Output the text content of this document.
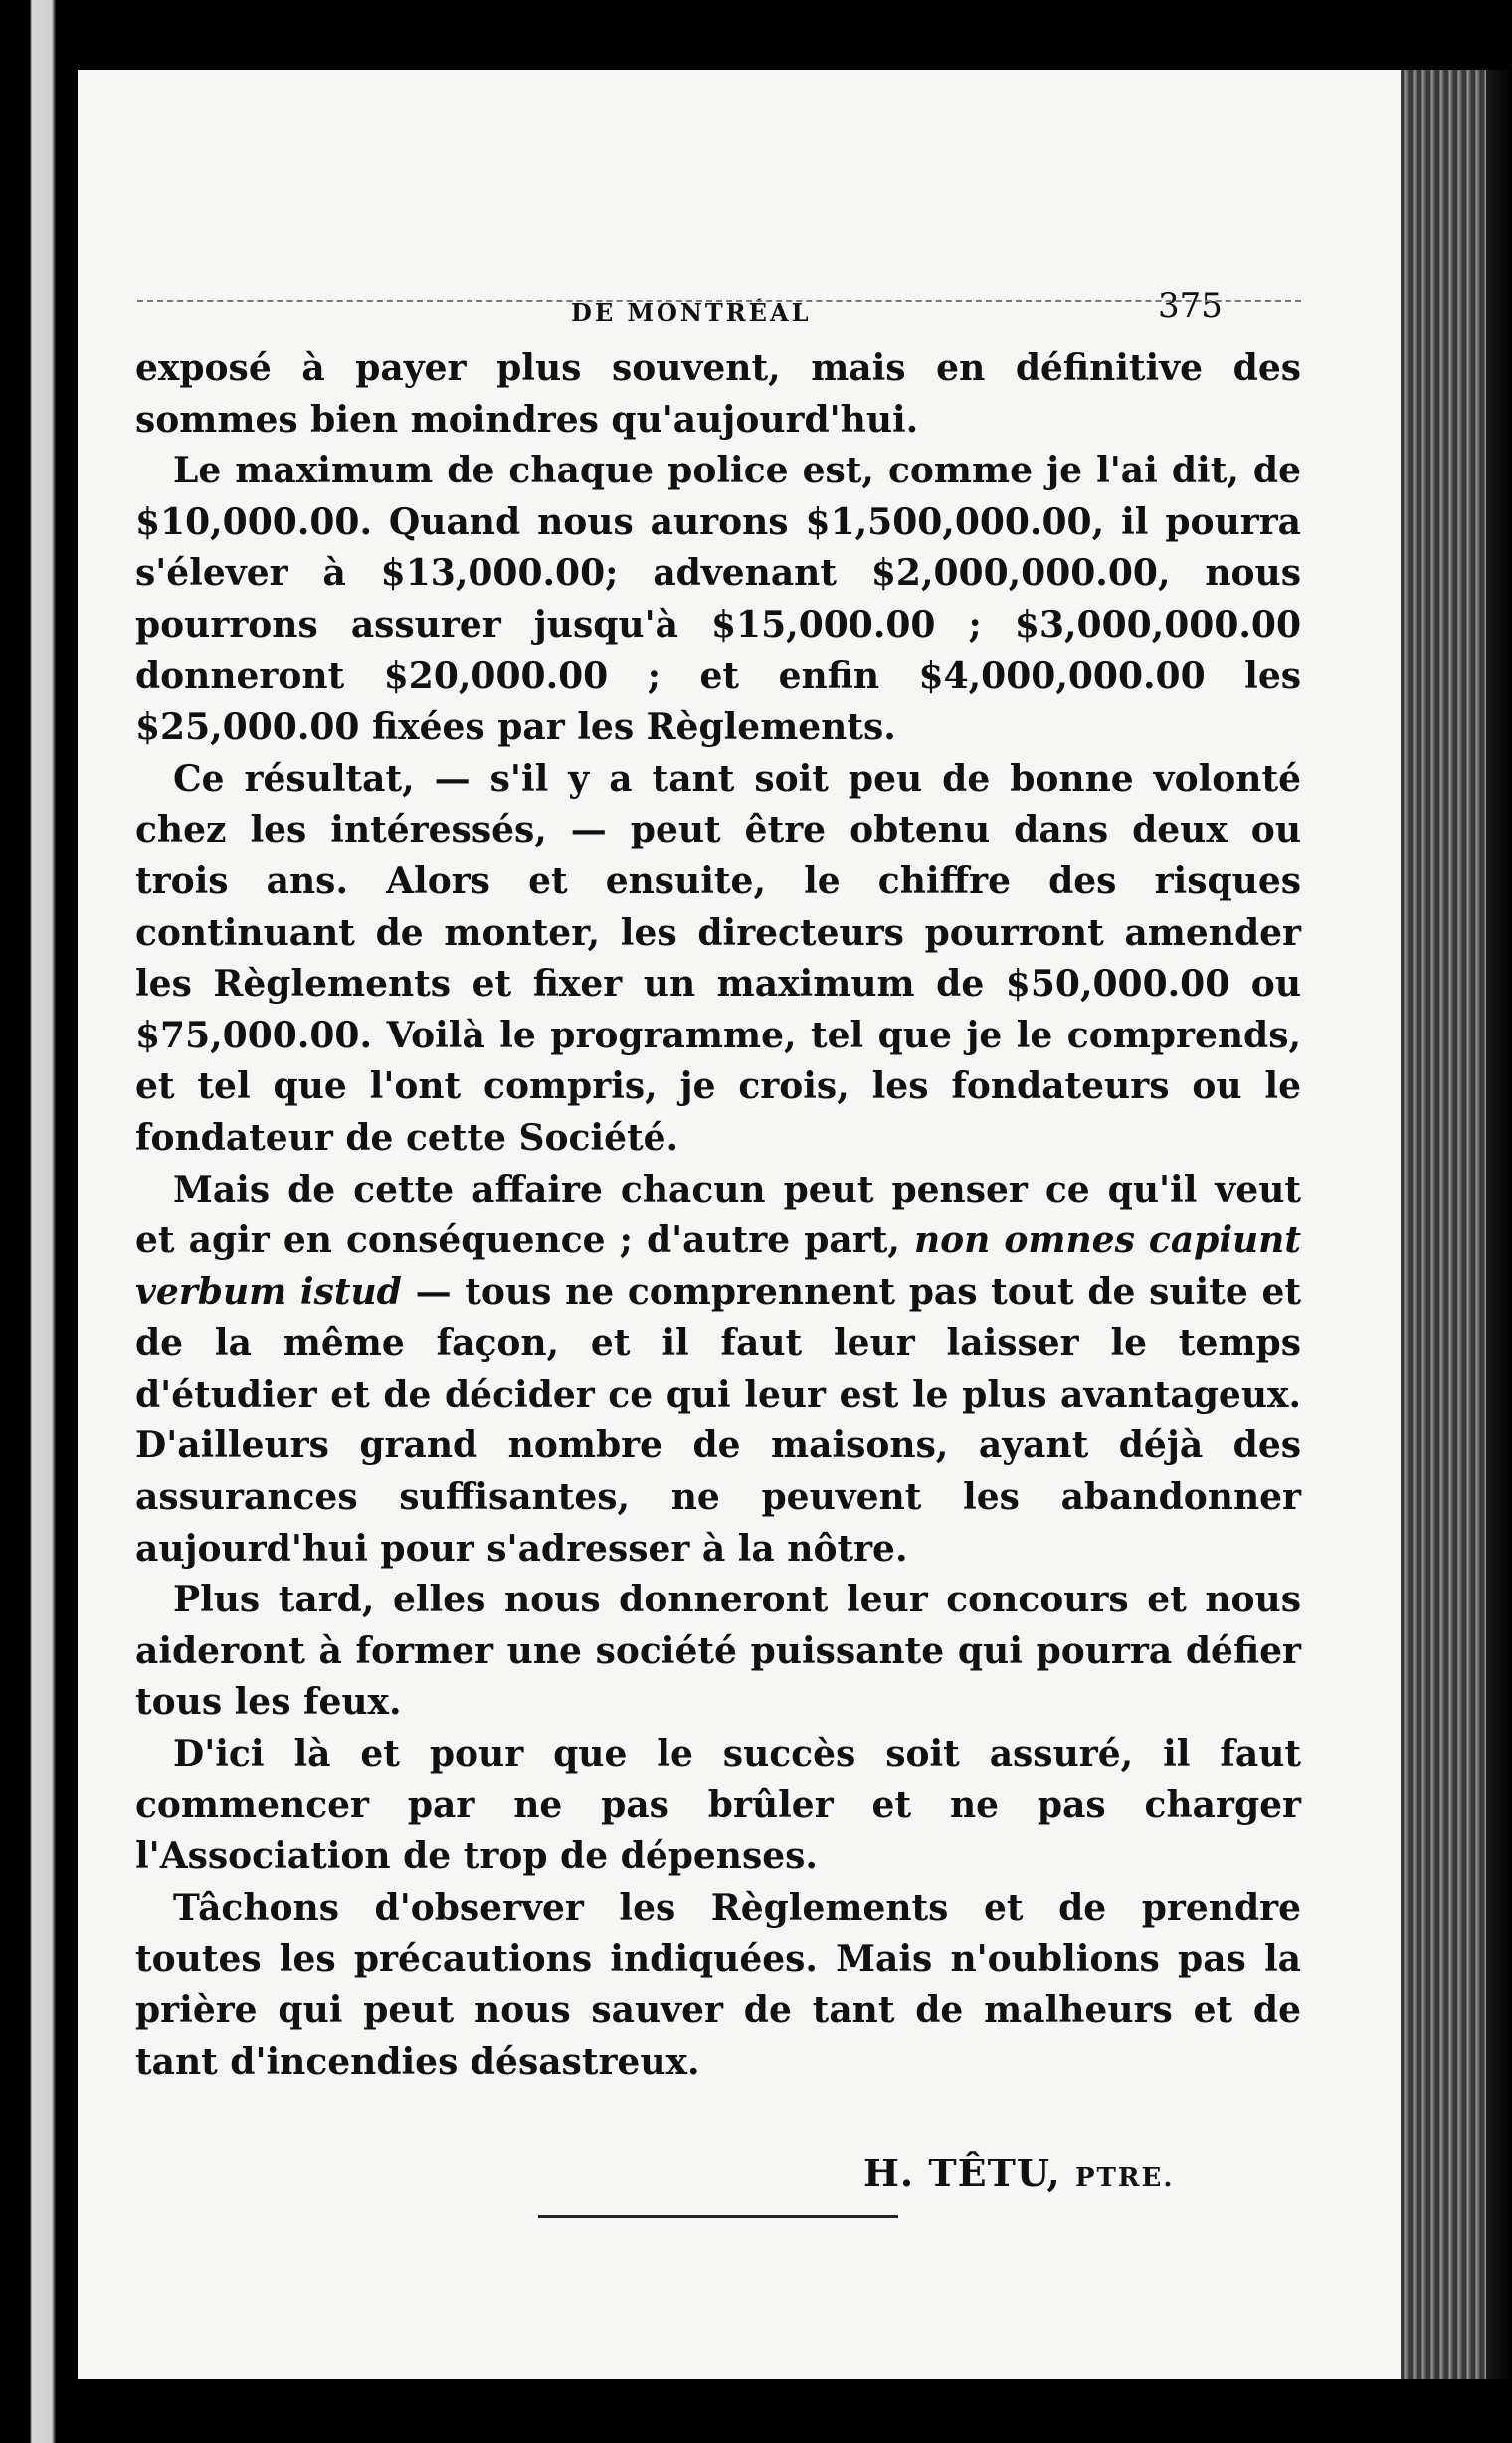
DE MONTRÉAL	375

exposé à payer plus souvent, mais en définitive des sommes bien moindres qu'aujourd'hui.

Le maximum de chaque police est, comme je l'ai dit, de $10,000.00. Quand nous aurons $1,500,000.00, il pourra s'élever à $13,000.00; advenant $2,000,000.00, nous pourrons assurer jusqu'à $15,000.00 ; $3,000,000.00 donneront $20,000.00 ; et enfin $4,000,000.00 les $25,000.00 fixées par les Règlements.

Ce résultat, — s'il y a tant soit peu de bonne volonté chez les intéressés, — peut être obtenu dans deux ou trois ans. Alors et ensuite, le chiffre des risques continuant de monter, les directeurs pourront amender les Règlements et fixer un maximum de $50,000.00 ou $75,000.00. Voilà le programme, tel que je le comprends, et tel que l'ont compris, je crois, les fondateurs ou le fondateur de cette Société.

Mais de cette affaire chacun peut penser ce qu'il veut et agir en conséquence ; d'autre part, non omnes capiunt verbum istud — tous ne comprennent pas tout de suite et de la même façon, et il faut leur laisser le temps d'étudier et de décider ce qui leur est le plus avantageux. D'ailleurs grand nombre de maisons, ayant déjà des assurances suffisantes, ne peuvent les abandonner aujourd'hui pour s'adresser à la nôtre.

Plus tard, elles nous donneront leur concours et nous aideront à former une société puissante qui pourra défier tous les feux.

D'ici là et pour que le succès soit assuré, il faut commencer par ne pas brûler et ne pas charger l'Association de trop de dépenses.

Tâchons d'observer les Règlements et de prendre toutes les précautions indiquées. Mais n'oublions pas la prière qui peut nous sauver de tant de malheurs et de tant d'incendies désastreux.

H. TÊTU, PTRE.
